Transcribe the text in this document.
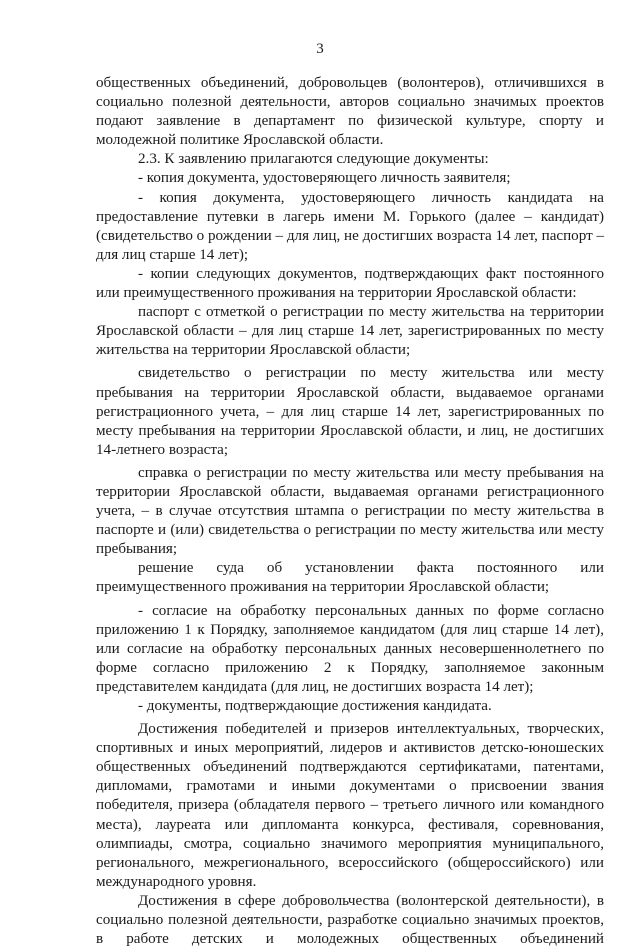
3

общественных объединений, добровольцев (волонтеров), отличившихся в социально полезной деятельности, авторов социально значимых проектов подают заявление в департамент по физической культуре, спорту и молодежной политике Ярославской области.

2.3. К заявлению прилагаются следующие документы:

- копия документа, удостоверяющего личность заявителя;

- копия документа, удостоверяющего личность кандидата на предоставление путевки в лагерь имени М. Горького (далее – кандидат) (свидетельство о рождении – для лиц, не достигших возраста 14 лет, паспорт – для лиц старше 14 лет);

- копии следующих документов, подтверждающих факт постоянного или преимущественного проживания на территории Ярославской области:

паспорт с отметкой о регистрации по месту жительства на территории Ярославской области – для лиц старше 14 лет, зарегистрированных по месту жительства на территории Ярославской области;

свидетельство о регистрации по месту жительства или месту пребывания на территории Ярославской области, выдаваемое органами регистрационного учета, – для лиц старше 14 лет, зарегистрированных по месту пребывания на территории Ярославской области, и лиц, не достигших 14-летнего возраста;

справка о регистрации по месту жительства или месту пребывания на территории Ярославской области, выдаваемая органами регистрационного учета, – в случае отсутствия штампа о регистрации по месту жительства в паспорте и (или) свидетельства о регистрации по месту жительства или месту пребывания;

решение суда об установлении факта постоянного или преимущественного проживания на территории Ярославской области;

- согласие на обработку персональных данных по форме согласно приложению 1 к Порядку, заполняемое кандидатом (для лиц старше 14 лет), или согласие на обработку персональных данных несовершеннолетнего по форме согласно приложению 2 к Порядку, заполняемое законным представителем кандидата (для лиц, не достигших возраста 14 лет);

- документы, подтверждающие достижения кандидата.

Достижения победителей и призеров интеллектуальных, творческих, спортивных и иных мероприятий, лидеров и активистов детско-юношеских общественных объединений подтверждаются сертификатами, патентами, дипломами, грамотами и иными документами о присвоении звания победителя, призера (обладателя первого – третьего личного или командного места), лауреата или дипломанта конкурса, фестиваля, соревнования, олимпиады, смотра, социально значимого мероприятия муниципального, регионального, межрегионального, всероссийского (общероссийского) или международного уровня.

Достижения в сфере добровольчества (волонтерской деятельности), в социально полезной деятельности, разработке социально значимых проектов, в работе детских и молодежных общественных объединений
